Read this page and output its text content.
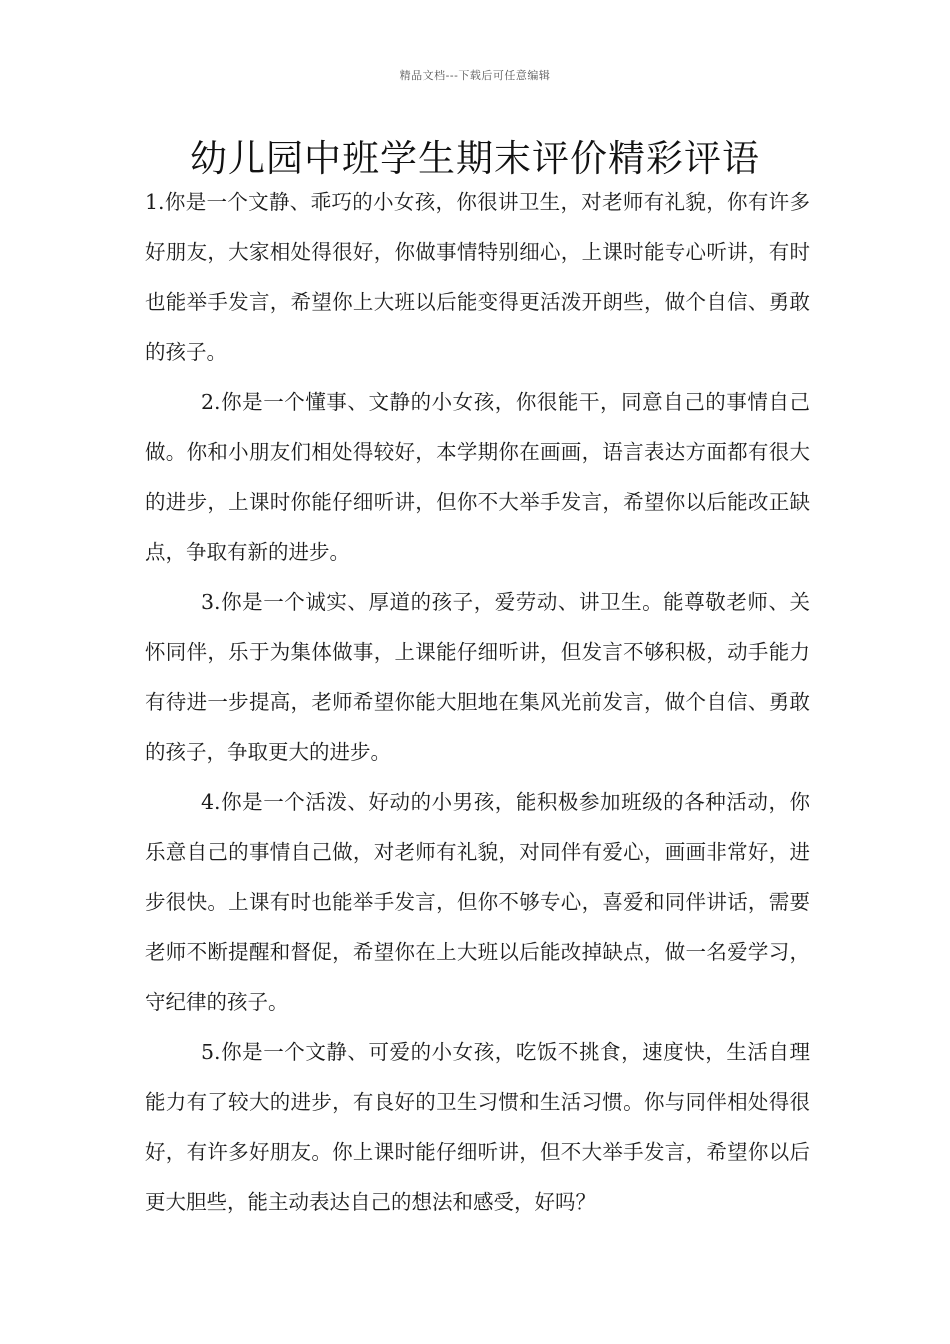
精品文档---下载后可任意编辑
幼儿园中班学生期末评价精彩评语

1.你是一个文静、乖巧的小女孩，你很讲卫生，对老师有礼貌，你有许多好朋友，大家相处得很好，你做事情特别细心，上课时能专心听讲，有时也能举手发言，希望你上大班以后能变得更活泼开朗些，做个自信、勇敢的孩子。

2.你是一个懂事、文静的小女孩，你很能干，同意自己的事情自己做。你和小朋友们相处得较好，本学期你在画画，语言表达方面都有很大的进步，上课时你能仔细听讲，但你不大举手发言，希望你以后能改正缺点，争取有新的进步。

3.你是一个诚实、厚道的孩子，爱劳动、讲卫生。能尊敬老师、关怀同伴，乐于为集体做事，上课能仔细听讲，但发言不够积极，动手能力有待进一步提高，老师希望你能大胆地在集风光前发言，做个自信、勇敢的孩子，争取更大的进步。

4.你是一个活泼、好动的小男孩，能积极参加班级的各种活动，你乐意自己的事情自己做，对老师有礼貌，对同伴有爱心，画画非常好，进步很快。上课有时也能举手发言，但你不够专心，喜爱和同伴讲话，需要老师不断提醒和督促，希望你在上大班以后能改掉缺点，做一名爱学习，守纪律的孩子。

5.你是一个文静、可爱的小女孩，吃饭不挑食，速度快，生活自理能力有了较大的进步，有良好的卫生习惯和生活习惯。你与同伴相处得很好，有许多好朋友。你上课时能仔细听讲，但不大举手发言，希望你以后更大胆些，能主动表达自己的想法和感受，好吗？
